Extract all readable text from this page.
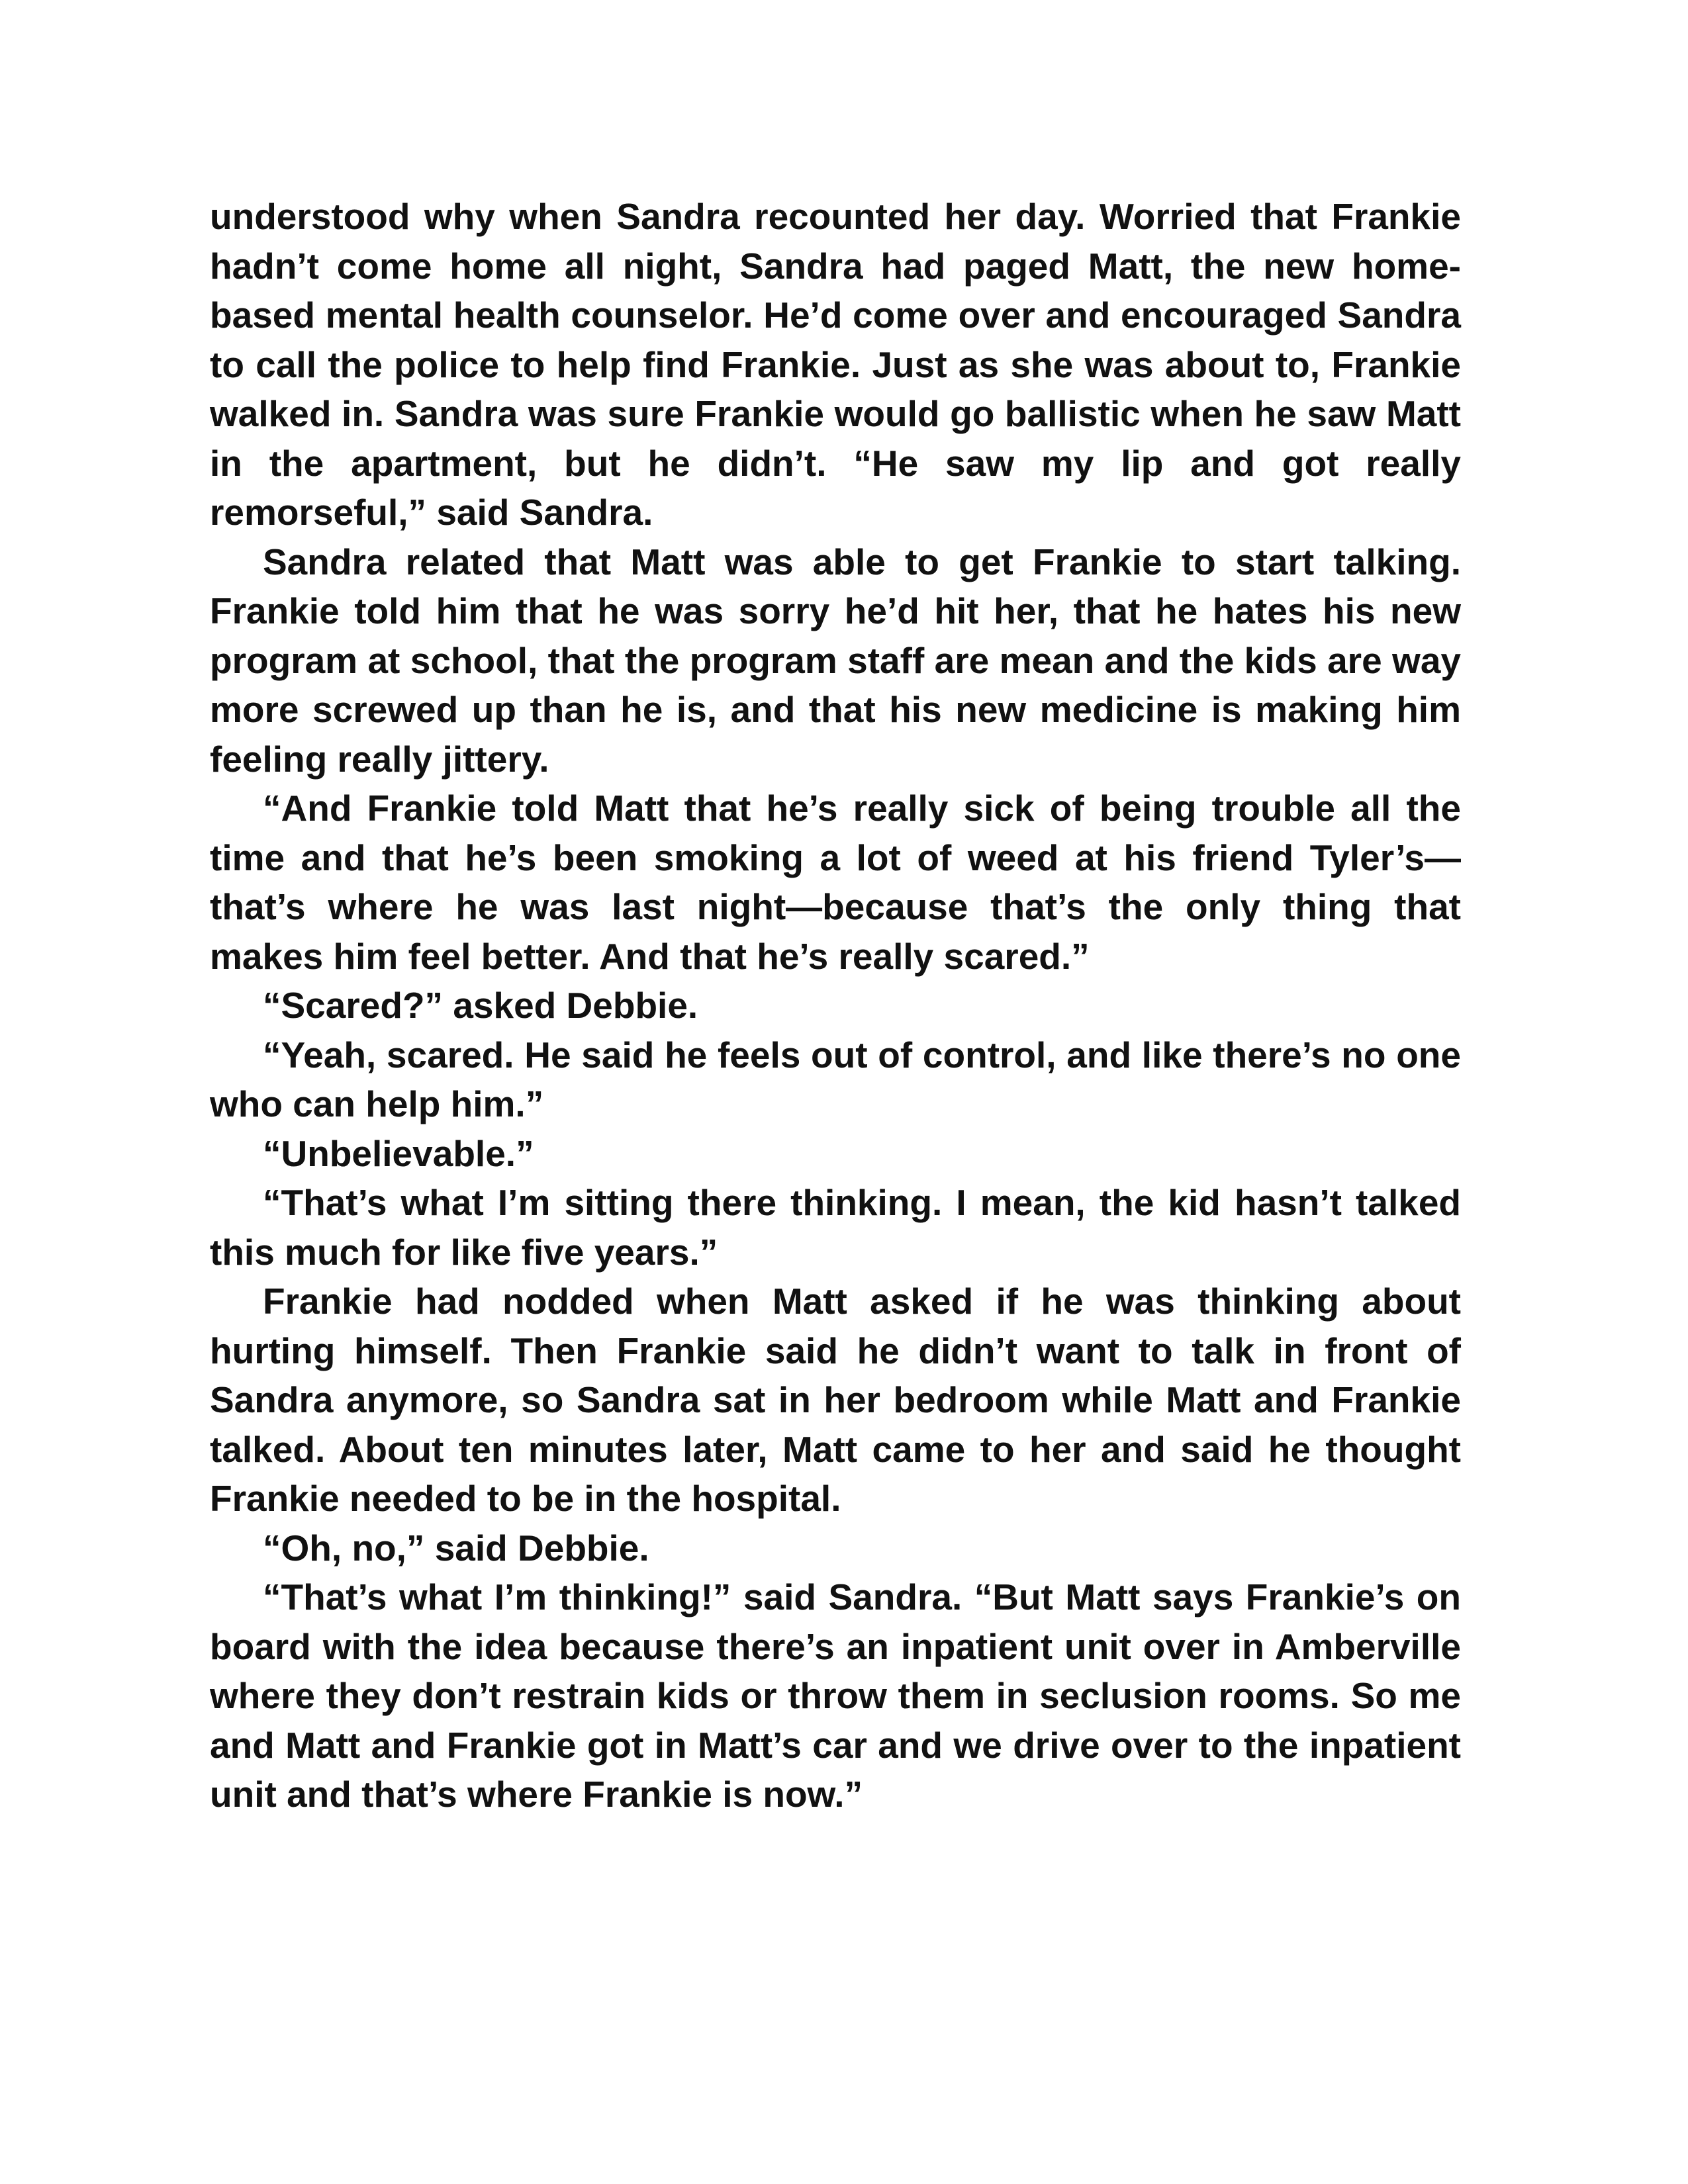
understood why when Sandra recounted her day. Worried that Frankie hadn’t come home all night, Sandra had paged Matt, the new home-based mental health counselor. He’d come over and encouraged Sandra to call the police to help find Frankie. Just as she was about to, Frankie walked in. Sandra was sure Frankie would go ballistic when he saw Matt in the apartment, but he didn’t. “He saw my lip and got really remorseful,” said Sandra.

Sandra related that Matt was able to get Frankie to start talking. Frankie told him that he was sorry he’d hit her, that he hates his new program at school, that the program staff are mean and the kids are way more screwed up than he is, and that his new medicine is making him feeling really jittery.

“And Frankie told Matt that he’s really sick of being trouble all the time and that he’s been smoking a lot of weed at his friend Tyler’s—that’s where he was last night—because that’s the only thing that makes him feel better. And that he’s really scared.”

“Scared?” asked Debbie.

“Yeah, scared. He said he feels out of control, and like there’s no one who can help him.”

“Unbelievable.”

“That’s what I’m sitting there thinking. I mean, the kid hasn’t talked this much for like five years.”

Frankie had nodded when Matt asked if he was thinking about hurting himself. Then Frankie said he didn’t want to talk in front of Sandra anymore, so Sandra sat in her bedroom while Matt and Frankie talked. About ten minutes later, Matt came to her and said he thought Frankie needed to be in the hospital.

“Oh, no,” said Debbie.

“That’s what I’m thinking!” said Sandra. “But Matt says Frankie’s on board with the idea because there’s an inpatient unit over in Amberville where they don’t restrain kids or throw them in seclusion rooms. So me and Matt and Frankie got in Matt’s car and we drive over to the inpatient unit and that’s where Frankie is now.”
